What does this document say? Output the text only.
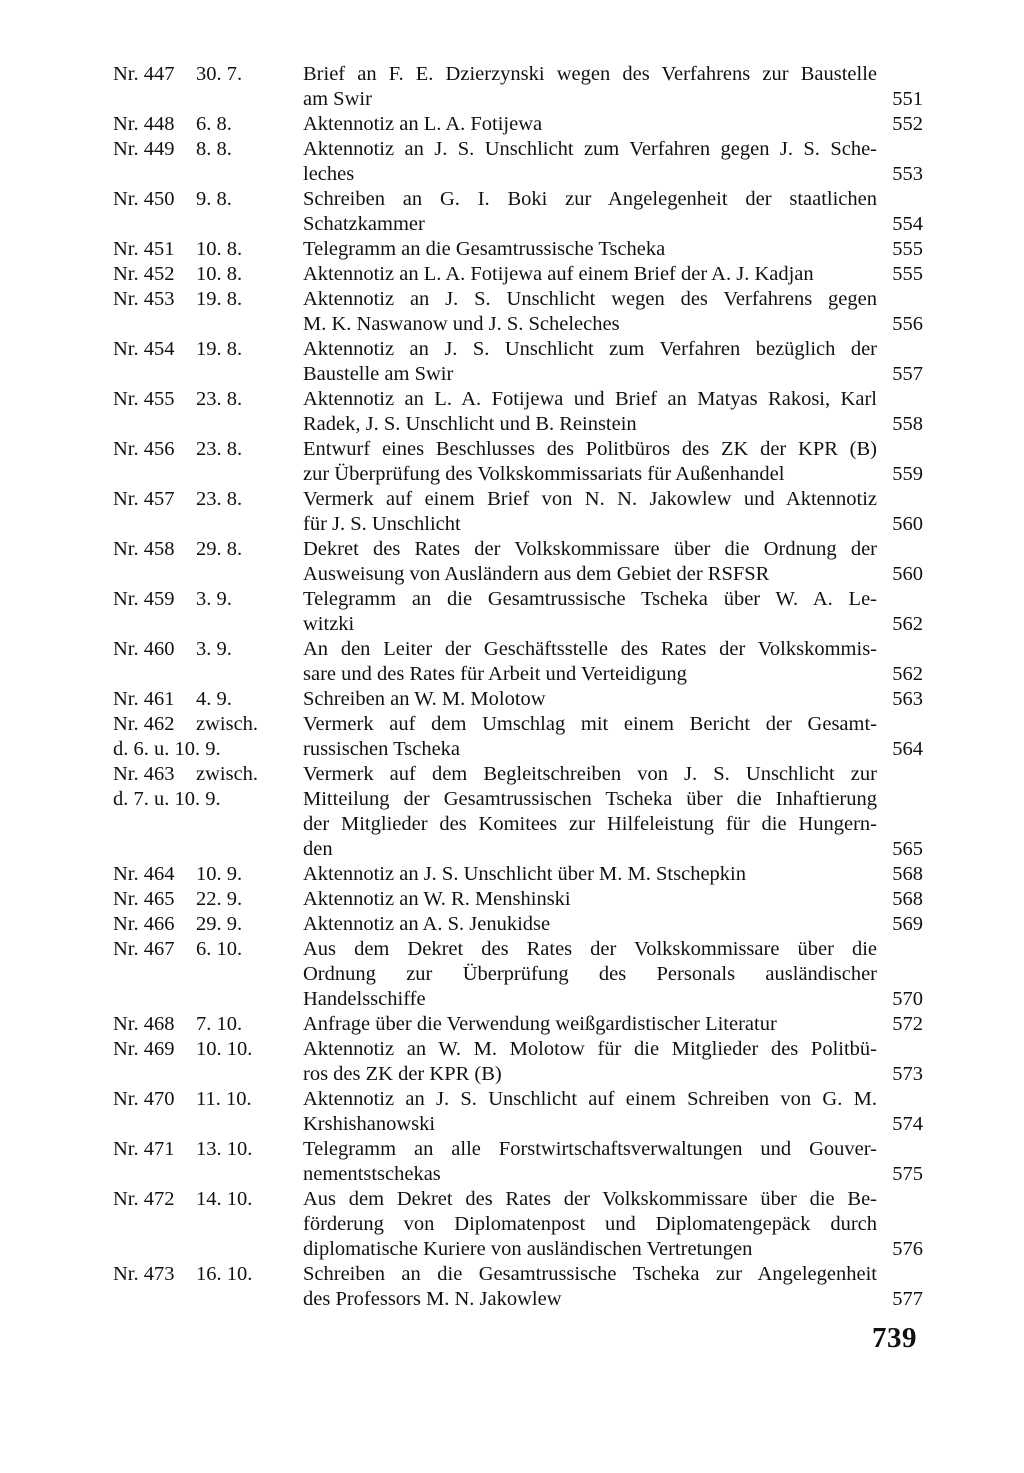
Nr. 447 30. 7.	Brief an F. E. Dzierzynski wegen des Verfahrens zur Baustelle
am Swir	551
Nr. 448 6. 8.	Aktennotiz an L. A. Fotijewa	552
Nr. 449 8. 8.	Aktennotiz an J. S. Unschlicht zum Verfahren gegen J. S. Sche-
leches	553
Nr. 450 9. 8.	Schreiben an G. I. Boki zur Angelegenheit der staatlichen
Schatzkammer	554
Nr. 451 10. 8.	Telegramm an die Gesamtrussische Tscheka	555
Nr. 452 10. 8.	Aktennotiz an L. A. Fotijewa auf einem Brief der A. J. Kadjan	555
Nr. 453 19. 8.	Aktennotiz an J. S. Unschlicht wegen des Verfahrens gegen
M. K. Naswanow und J. S. Scheleches	556
Nr. 454 19. 8.	Aktennotiz an J. S. Unschlicht zum Verfahren bezüglich der
Baustelle am Swir	557
Nr. 455 23. 8.	Aktennotiz an L. A. Fotijewa und Brief an Matyas Rakosi, Karl
Radek, J. S. Unschlicht und B. Reinstein	558
Nr. 456 23. 8.	Entwurf eines Beschlusses des Politbüros des ZK der KPR (B)
zur Überprüfung des Volkskommissariats für Außenhandel	559
Nr. 457 23. 8.	Vermerk auf einem Brief von N. N. Jakowlew und Aktennotiz
für J. S. Unschlicht	560
Nr. 458 29. 8.	Dekret des Rates der Volkskommissare über die Ordnung der
Ausweisung von Ausländern aus dem Gebiet der RSFSR	560
Nr. 459 3. 9.	Telegramm an die Gesamtrussische Tscheka über W. A. Le-
witzki	562
Nr. 460 3. 9.	An den Leiter der Geschäftsstelle des Rates der Volkskommis-
sare und des Rates für Arbeit und Verteidigung	562
Nr. 461 4. 9.	Schreiben an W. M. Molotow	563
Nr. 462 zwisch.
d. 6. u. 10. 9.
Vermerk auf dem Umschlag mit einem Bericht der Gesamt-
russischen Tscheka	564
Nr. 463 zwisch.
d. 7. u. 10. 9.
Vermerk auf dem Begleitschreiben von J. S. Unschlicht zur
Mitteilung der Gesamtrussischen Tscheka über die Inhaftierung
der Mitglieder des Komitees zur Hilfeleistung für die Hungern-
den	565
Nr. 464 10. 9.	Aktennotiz an J. S. Unschlicht über M. M. Stschepkin	568
Nr. 465 22. 9.	Aktennotiz an W. R. Menshinski	568
Nr. 466 29. 9.	Aktennotiz an A. S. Jenukidse	569
Nr. 467 6. 10.	Aus dem Dekret des Rates der Volkskommissare über die
Ordnung zur Überprüfung des Personals ausländischer
Handelsschiffe	570
Nr. 468 7. 10.	Anfrage über die Verwendung weißgardistischer Literatur	572
Nr. 469 10. 10.	Aktennotiz an W. M. Molotow für die Mitglieder des Politbü-
ros des ZK der KPR (B)	573
Nr. 470 11. 10.	Aktennotiz an J. S. Unschlicht auf einem Schreiben von G. M.
Krshishanowski	574
Nr. 471 13. 10.	Telegramm an alle Forstwirtschaftsverwaltungen und Gouver-
nementstschekas	575
Nr. 472 14. 10.	Aus dem Dekret des Rates der Volkskommissare über die Be-
förderung von Diplomatenpost und Diplomatengepäck durch
diplomatische Kuriere von ausländischen Vertretungen	576
Nr. 473 16. 10.	Schreiben an die Gesamtrussische Tscheka zur Angelegenheit
des Professors M. N. Jakowlew	577
739
